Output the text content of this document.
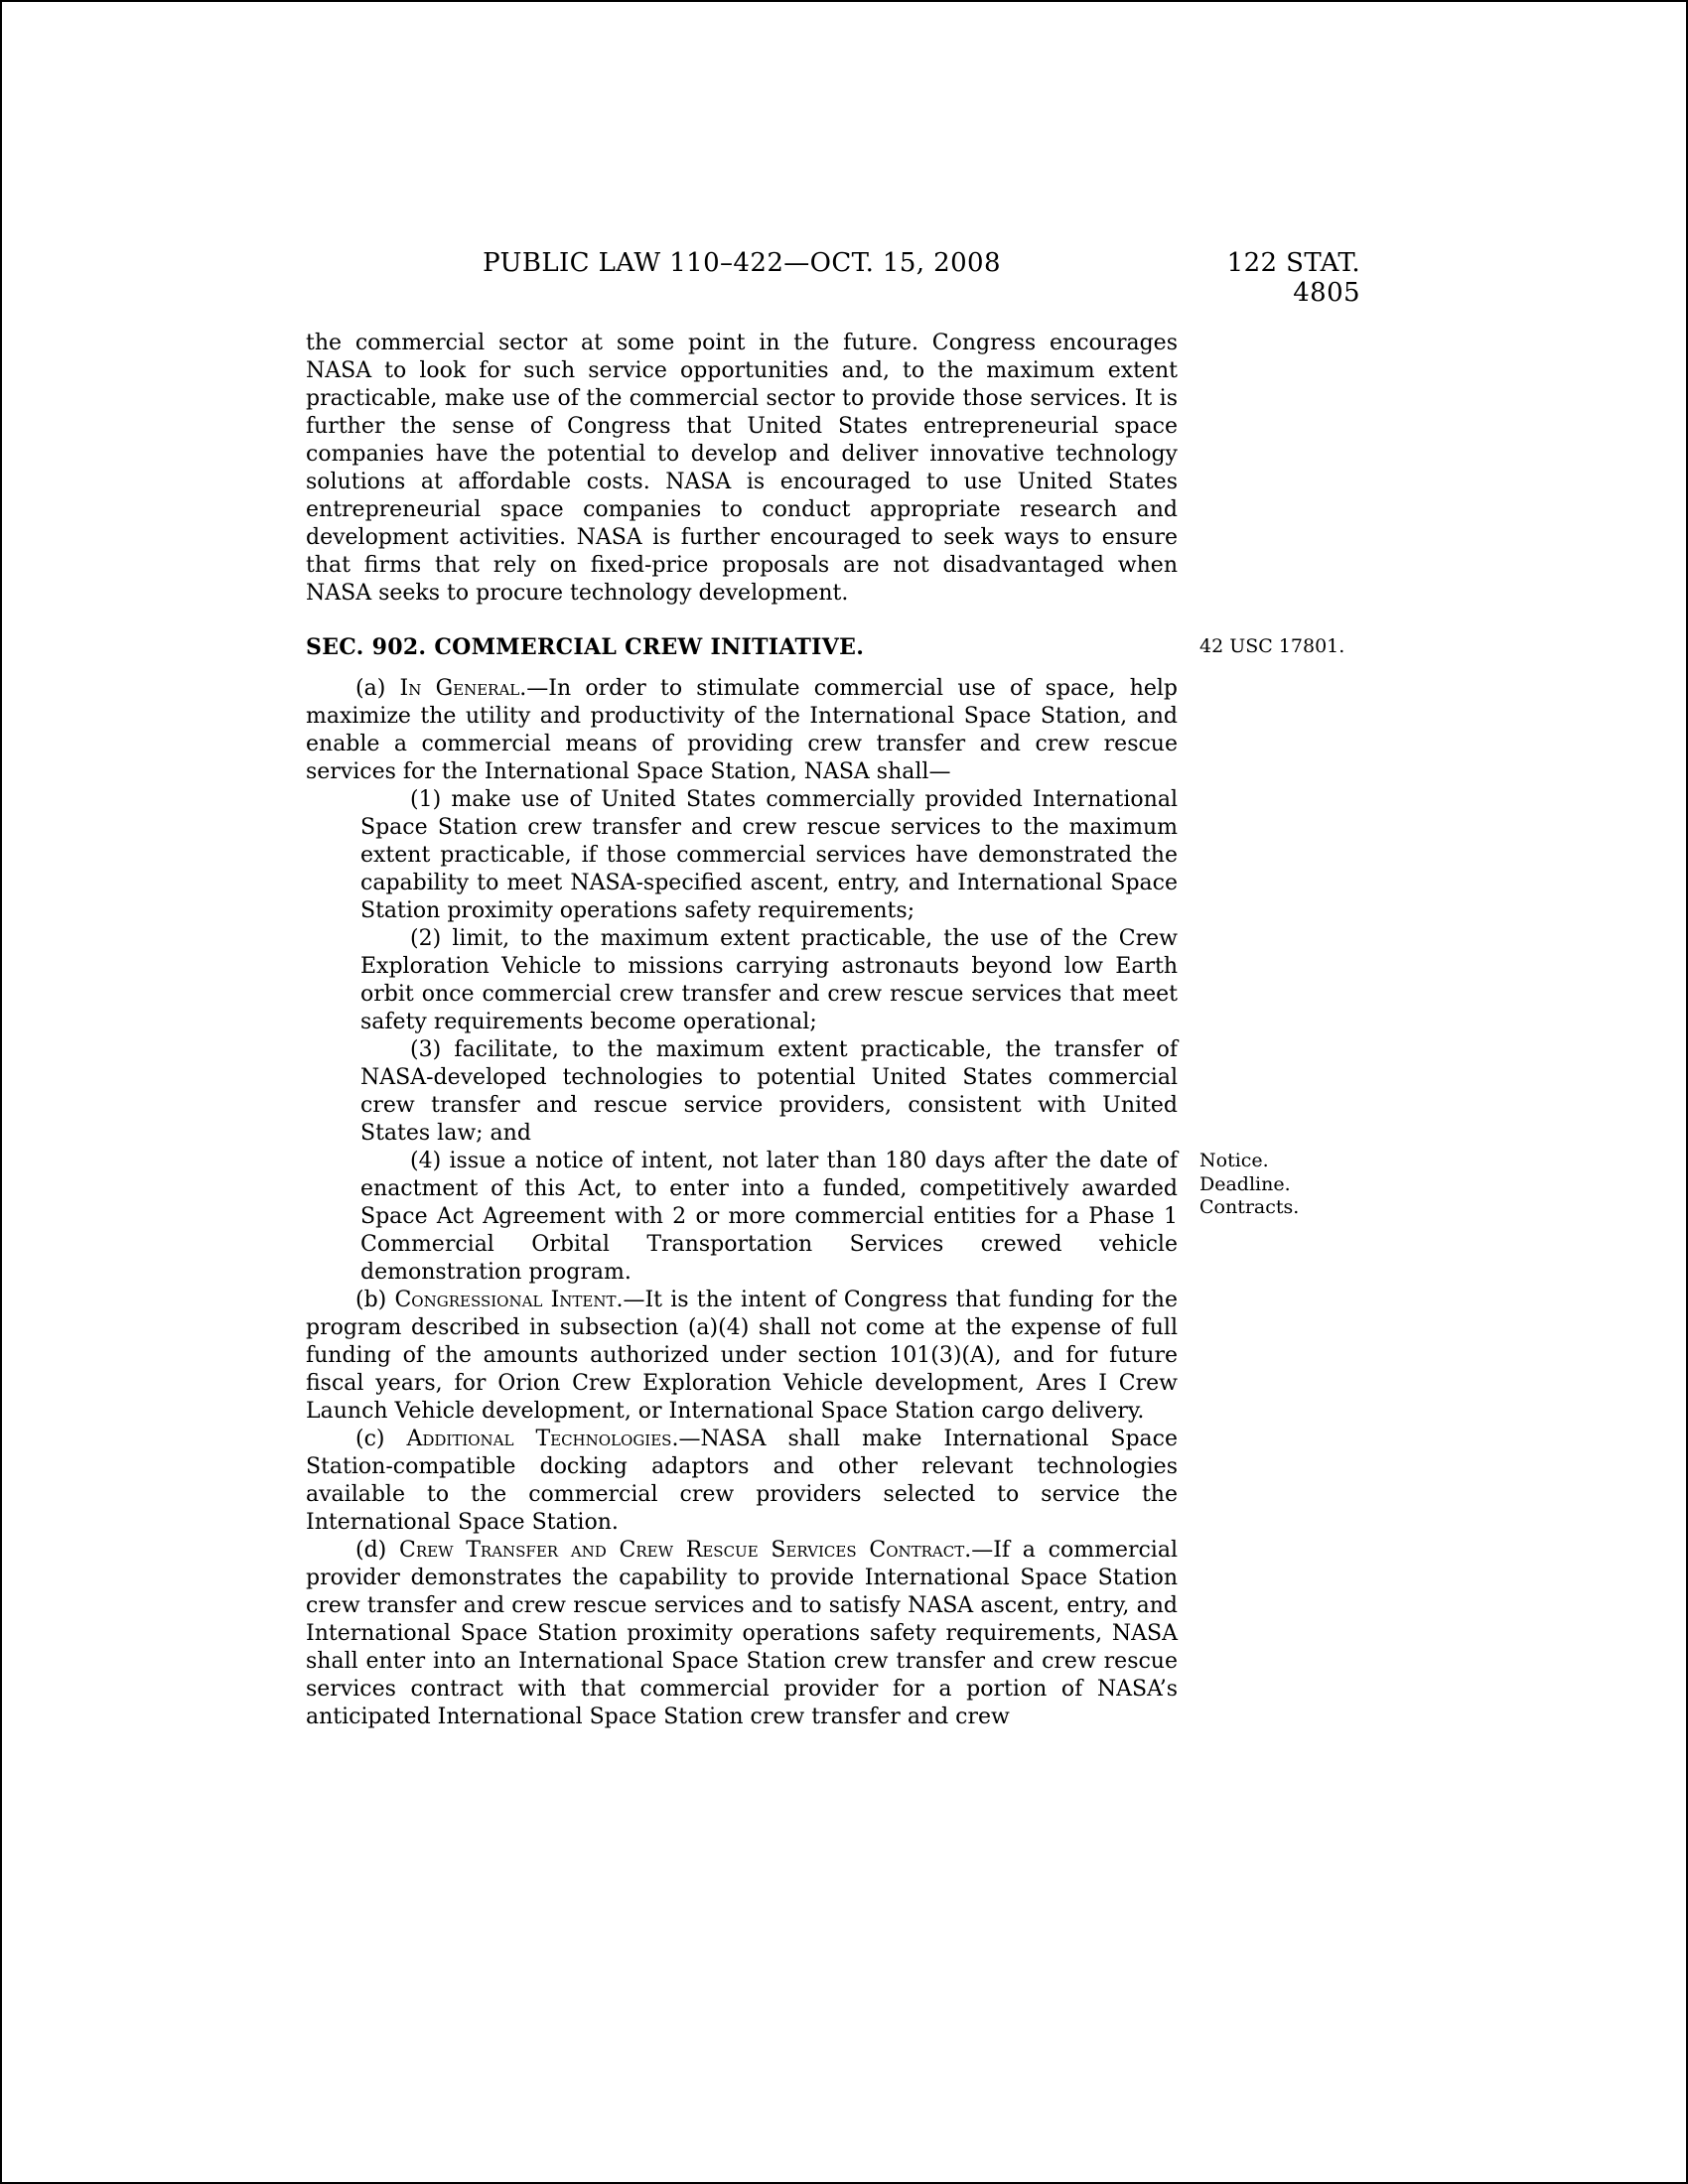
PUBLIC LAW 110–422—OCT. 15, 2008	122 STAT. 4805

the commercial sector at some point in the future. Congress encourages NASA to look for such service opportunities and, to the maximum extent practicable, make use of the commercial sector to provide those services. It is further the sense of Congress that United States entrepreneurial space companies have the potential to develop and deliver innovative technology solutions at affordable costs. NASA is encouraged to use United States entrepreneurial space companies to conduct appropriate research and development activities. NASA is further encouraged to seek ways to ensure that firms that rely on fixed-price proposals are not disadvantaged when NASA seeks to procure technology development.

SEC. 902. COMMERCIAL CREW INITIATIVE.	42 USC 17801.

(a) In General.—In order to stimulate commercial use of space, help maximize the utility and productivity of the International Space Station, and enable a commercial means of providing crew transfer and crew rescue services for the International Space Station, NASA shall—

(1) make use of United States commercially provided International Space Station crew transfer and crew rescue services to the maximum extent practicable, if those commercial services have demonstrated the capability to meet NASA-specified ascent, entry, and International Space Station proximity operations safety requirements;

(2) limit, to the maximum extent practicable, the use of the Crew Exploration Vehicle to missions carrying astronauts beyond low Earth orbit once commercial crew transfer and crew rescue services that meet safety requirements become operational;

(3) facilitate, to the maximum extent practicable, the transfer of NASA-developed technologies to potential United States commercial crew transfer and rescue service providers, consistent with United States law; and

(4) issue a notice of intent, not later than 180 days after the date of enactment of this Act, to enter into a funded, competitively awarded Space Act Agreement with 2 or more commercial entities for a Phase 1 Commercial Orbital Transportation Services crewed vehicle demonstration program.
Notice.
Deadline.
Contracts.

(b) Congressional Intent.—It is the intent of Congress that funding for the program described in subsection (a)(4) shall not come at the expense of full funding of the amounts authorized under section 101(3)(A), and for future fiscal years, for Orion Crew Exploration Vehicle development, Ares I Crew Launch Vehicle development, or International Space Station cargo delivery.

(c) Additional Technologies.—NASA shall make International Space Station-compatible docking adaptors and other relevant technologies available to the commercial crew providers selected to service the International Space Station.

(d) Crew Transfer and Crew Rescue Services Contract.—If a commercial provider demonstrates the capability to provide International Space Station crew transfer and crew rescue services and to satisfy NASA ascent, entry, and International Space Station proximity operations safety requirements, NASA shall enter into an International Space Station crew transfer and crew rescue services contract with that commercial provider for a portion of NASA’s anticipated International Space Station crew transfer and crew
